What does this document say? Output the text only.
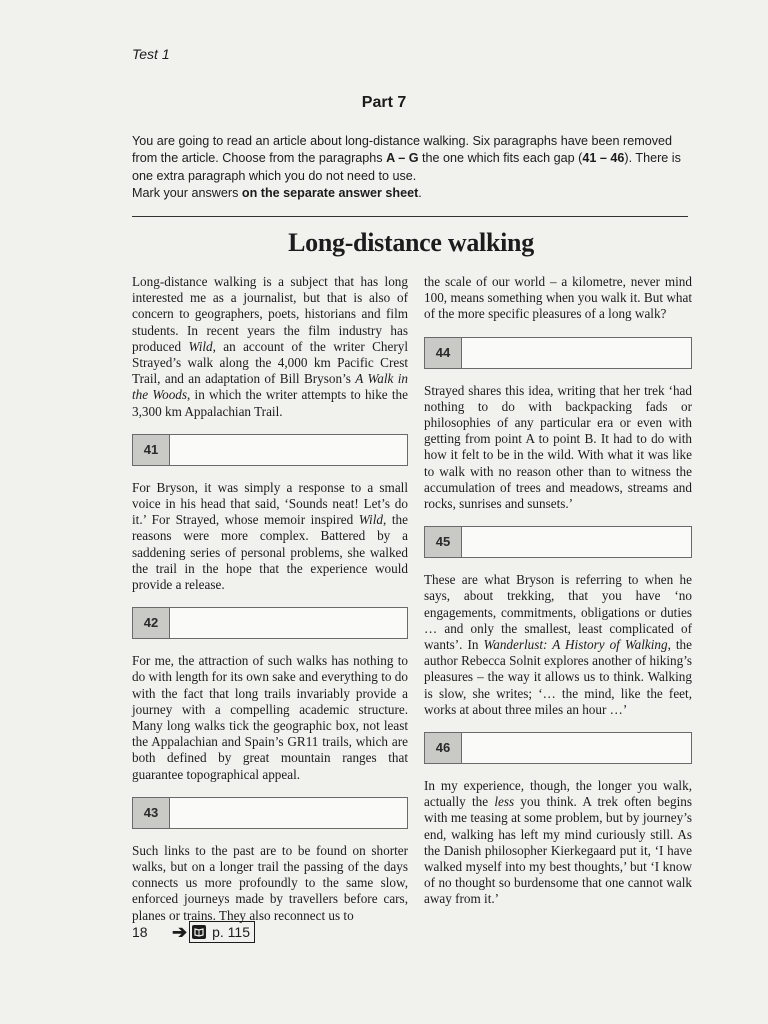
Test 1
Part 7
You are going to read an article about long-distance walking. Six paragraphs have been removed from the article. Choose from the paragraphs A – G the one which fits each gap (41 – 46). There is one extra paragraph which you do not need to use.
Mark your answers on the separate answer sheet.
Long-distance walking

Long-distance walking is a subject that has long interested me as a journalist, but that is also of concern to geographers, poets, historians and film students. In recent years the film industry has produced Wild, an account of the writer Cheryl Strayed’s walk along the 4,000 km Pacific Crest Trail, and an adaptation of Bill Bryson’s A Walk in the Woods, in which the writer attempts to hike the 3,300 km Appalachian Trail.

41

For Bryson, it was simply a response to a small voice in his head that said, ‘Sounds neat! Let’s do it.’ For Strayed, whose memoir inspired Wild, the reasons were more complex. Battered by a saddening series of personal problems, she walked the trail in the hope that the experience would provide a release.

42

For me, the attraction of such walks has nothing to do with length for its own sake and everything to do with the fact that long trails invariably provide a journey with a compelling academic structure. Many long walks tick the geographic box, not least the Appalachian and Spain’s GR11 trails, which are both defined by great mountain ranges that guarantee topographical appeal.

43

Such links to the past are to be found on shorter walks, but on a longer trail the passing of the days connects us more profoundly to the same slow, enforced journeys made by travellers before cars, planes or trains. They also reconnect us to

the scale of our world – a kilometre, never mind 100, means something when you walk it. But what of the more specific pleasures of a long walk?

44

Strayed shares this idea, writing that her trek ‘had nothing to do with backpacking fads or philosophies of any particular era or even with getting from point A to point B. It had to do with how it felt to be in the wild. With what it was like to walk with no reason other than to witness the accumulation of trees and meadows, streams and rocks, sunrises and sunsets.’

45

These are what Bryson is referring to when he says, about trekking, that you have ‘no engagements, commitments, obligations or duties … and only the smallest, least complicated of wants’. In Wanderlust: A History of Walking, the author Rebecca Solnit explores another of hiking’s pleasures – the way it allows us to think. Walking is slow, she writes; ‘… the mind, like the feet, works at about three miles an hour …’

46

In my experience, though, the longer you walk, actually the less you think. A trek often begins with me teasing at some problem, but by journey’s end, walking has left my mind curiously still. As the Danish philosopher Kierkegaard put it, ‘I have walked myself into my best thoughts,’ but ‘I know of no thought so burdensome that one cannot walk away from it.’

18	➔ p. 115
